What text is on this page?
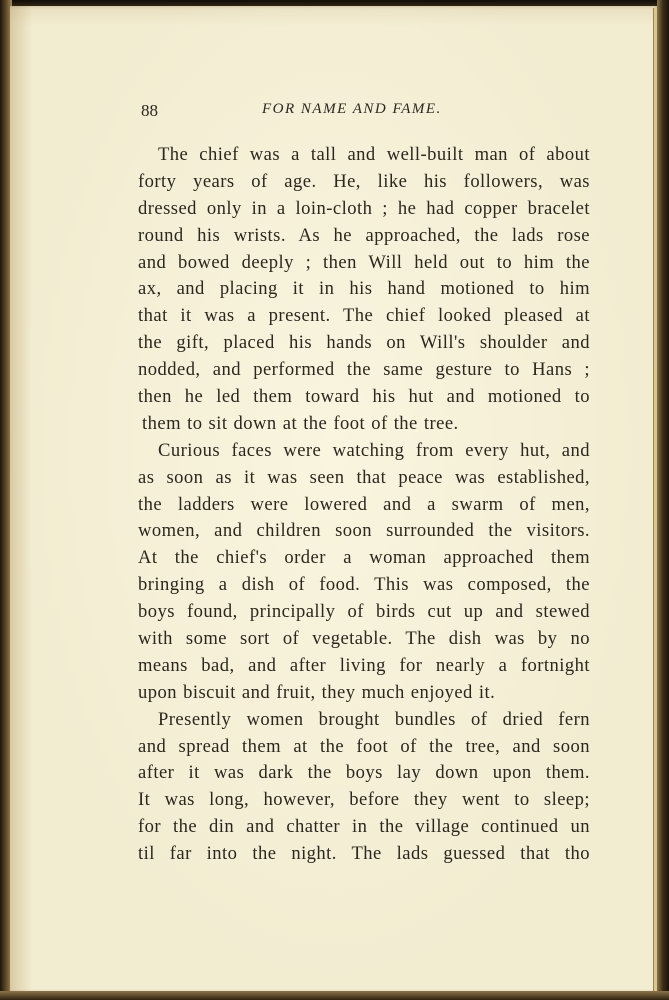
88	FOR NAME AND FAME.
The chief was a tall and well-built man of about
forty years of age. He, like his followers, was
dressed only in a loin-cloth ; he had copper bracelet
round his wrists. As he approached, the lads rose
and bowed deeply ; then Will held out to him the
ax, and placing it in his hand motioned to him
that it was a present. The chief looked pleased at
the gift, placed his hands on Will's shoulder and
nodded, and performed the same gesture to Hans ;
then he led them toward his hut and motioned to
them to sit down at the foot of the tree.
Curious faces were watching from every hut, and
as soon as it was seen that peace was established,
the ladders were lowered and a swarm of men,
women, and children soon surrounded the visitors.
At the chief's order a woman approached them
bringing a dish of food. This was composed, the
boys found, principally of birds cut up and stewed
with some sort of vegetable. The dish was by no
means bad, and after living for nearly a fortnight
upon biscuit and fruit, they much enjoyed it.
Presently women brought bundles of dried fern
and spread them at the foot of the tree, and soon
after it was dark the boys lay down upon them.
It was long, however, before they went to sleep;
for the din and chatter in the village continued un
til far into the night. The lads guessed that tho
